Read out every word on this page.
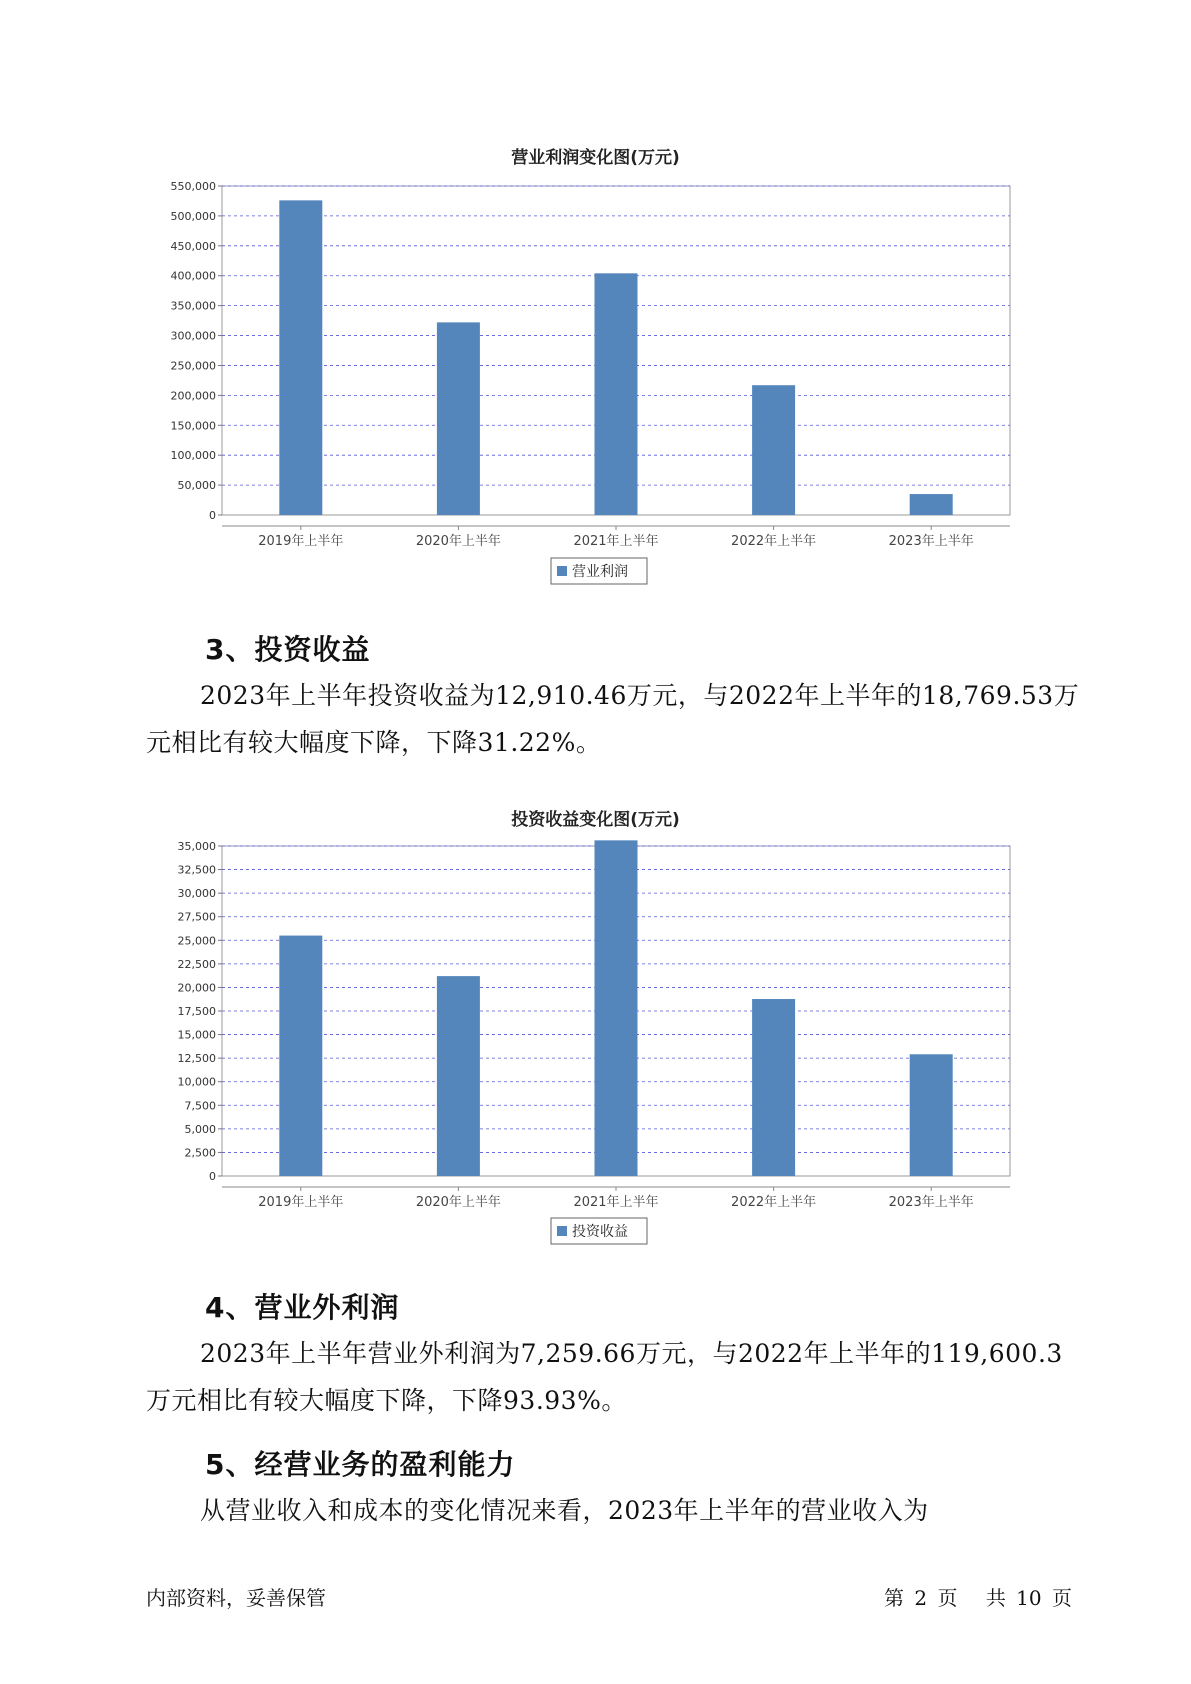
营业利润变化图(万元)
0
50,000
100,000
150,000
200,000
250,000
300,000
350,000
400,000
450,000
500,000
550,000
2019年上半年	2020年上半年	2021年上半年	2022年上半年	2023年上半年
营业利润
3、投资收益

2023年上半年投资收益为12,910.46万元，与2022年上半年的18,769.53万元相比有较大幅度下降，下降31.22%。

投资收益变化图(万元)
0
2,500
5,000
7,500
10,000
12,500
15,000
17,500
20,000
22,500
25,000
27,500
30,000
32,500
35,000
2019年上半年	2020年上半年	2021年上半年	2022年上半年	2023年上半年
投资收益
4、营业外利润

2023年上半年营业外利润为7,259.66万元，与2022年上半年的119,600.3万元相比有较大幅度下降，下降93.93%。

5、经营业务的盈利能力

从营业收入和成本的变化情况来看，2023年上半年的营业收入为

内部资料，妥善保管	第 2 页 共 10 页
